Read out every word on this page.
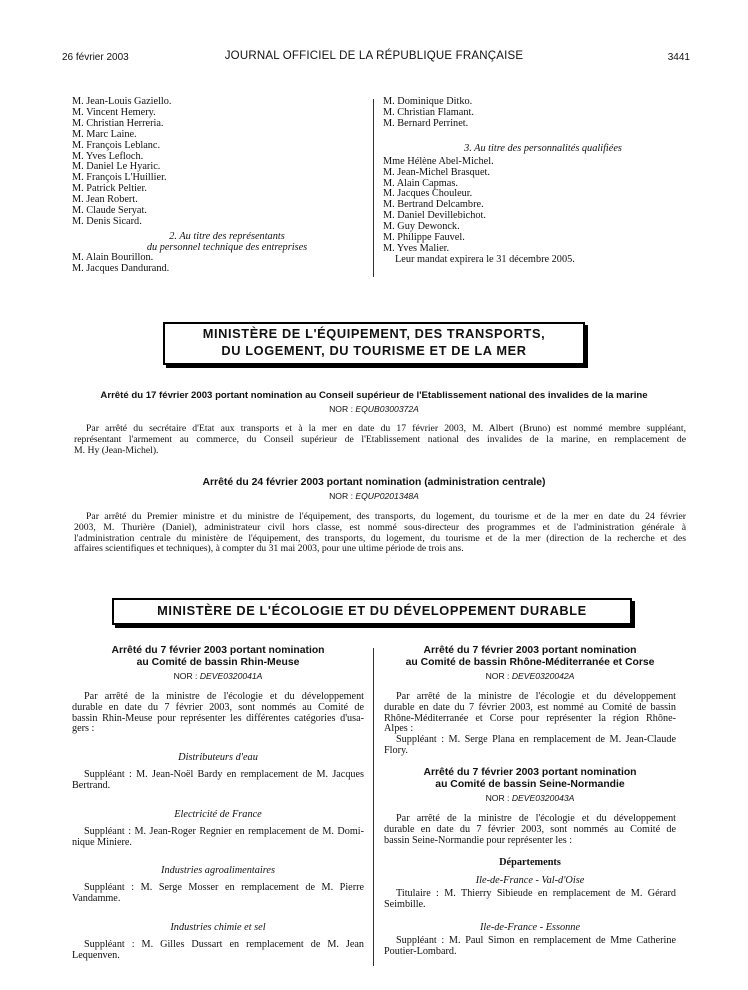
26 février 2003	JOURNAL OFFICIEL DE LA RÉPUBLIQUE FRANÇAISE	3441
M. Jean-Louis Gaziello.
M. Vincent Hemery.
M. Christian Herreria.
M. Marc Laine.
M. François Leblanc.
M. Yves Lefloch.
M. Daniel Le Hyaric.
M. François L'Huillier.
M. Patrick Peltier.
M. Jean Robert.
M. Claude Seryat.
M. Denis Sicard.
2. Au titre des représentants
du personnel technique des entreprises
M. Alain Bourillon.
M. Jacques Dandurand.
M. Dominique Ditko.
M. Christian Flamant.
M. Bernard Perrinet.
3. Au titre des personnalités qualifiées
Mme Hélène Abel-Michel.
M. Jean-Michel Brasquet.
M. Alain Capmas.
M. Jacques Chouleur.
M. Bertrand Delcambre.
M. Daniel Devillebichot.
M. Guy Dewonck.
M. Philippe Fauvel.
M. Yves Malier.
Leur mandat expirera le 31 décembre 2005.
MINISTÈRE DE L'ÉQUIPEMENT, DES TRANSPORTS,
DU LOGEMENT, DU TOURISME ET DE LA MER
Arrêté du 17 février 2003 portant nomination au Conseil supérieur de l'Etablissement national des invalides de la marine
NOR : EQUB0300372A
Par arrêté du secrétaire d'Etat aux transports et à la mer en date du 17 février 2003, M. Albert (Bruno) est nommé membre suppléant,
représentant l'armement au commerce, du Conseil supérieur de l'Etablissement national des invalides de la marine, en remplacement de
M. Hy (Jean-Michel).
Arrêté du 24 février 2003 portant nomination (administration centrale)
NOR : EQUP0201348A
Par arrêté du Premier ministre et du ministre de l'équipement, des transports, du logement, du tourisme et de la mer en date du 24 février
2003, M. Thurière (Daniel), administrateur civil hors classe, est nommé sous-directeur des programmes et de l'administration générale à
l'administration centrale du ministère de l'équipement, des transports, du logement, du tourisme et de la mer (direction de la recherche et des
affaires scientifiques et techniques), à compter du 31 mai 2003, pour une ultime période de trois ans.
MINISTÈRE DE L'ÉCOLOGIE ET DU DÉVELOPPEMENT DURABLE
Arrêté du 7 février 2003 portant nomination
au Comité de bassin Rhin-Meuse
NOR : DEVE0320041A
Par arrêté de la ministre de l'écologie et du développement
durable en date du 7 février 2003, sont nommés au Comité de
bassin Rhin-Meuse pour représenter les différentes catégories d'usa-
gers :
Distributeurs d'eau
Suppléant : M. Jean-Noël Bardy en remplacement de M. Jacques
Bertrand.
Electricité de France
Suppléant : M. Jean-Roger Regnier en remplacement de M. Domi-
nique Miniere.
Industries agroalimentaires
Suppléant : M. Serge Mosser en remplacement de M. Pierre
Vandamme.
Industries chimie et sel
Suppléant : M. Gilles Dussart en remplacement de M. Jean
Lequenven.
Arrêté du 7 février 2003 portant nomination
au Comité de bassin Rhône-Méditerranée et Corse
NOR : DEVE0320042A
Par arrêté de la ministre de l'écologie et du développement
durable en date du 7 février 2003, est nommé au Comité de bassin
Rhône-Méditerranée et Corse pour représenter la région Rhône-
Alpes :
Suppléant : M. Serge Plana en remplacement de M. Jean-Claude
Flory.
Arrêté du 7 février 2003 portant nomination
au Comité de bassin Seine-Normandie
NOR : DEVE0320043A
Par arrêté de la ministre de l'écologie et du développement
durable en date du 7 février 2003, sont nommés au Comité de
bassin Seine-Normandie pour représenter les :
Départements
Ile-de-France - Val-d'Oise
Titulaire : M. Thierry Sibieude en remplacement de M. Gérard
Seimbille.
Ile-de-France - Essonne
Suppléant : M. Paul Simon en remplacement de Mme Catherine
Poutier-Lombard.
